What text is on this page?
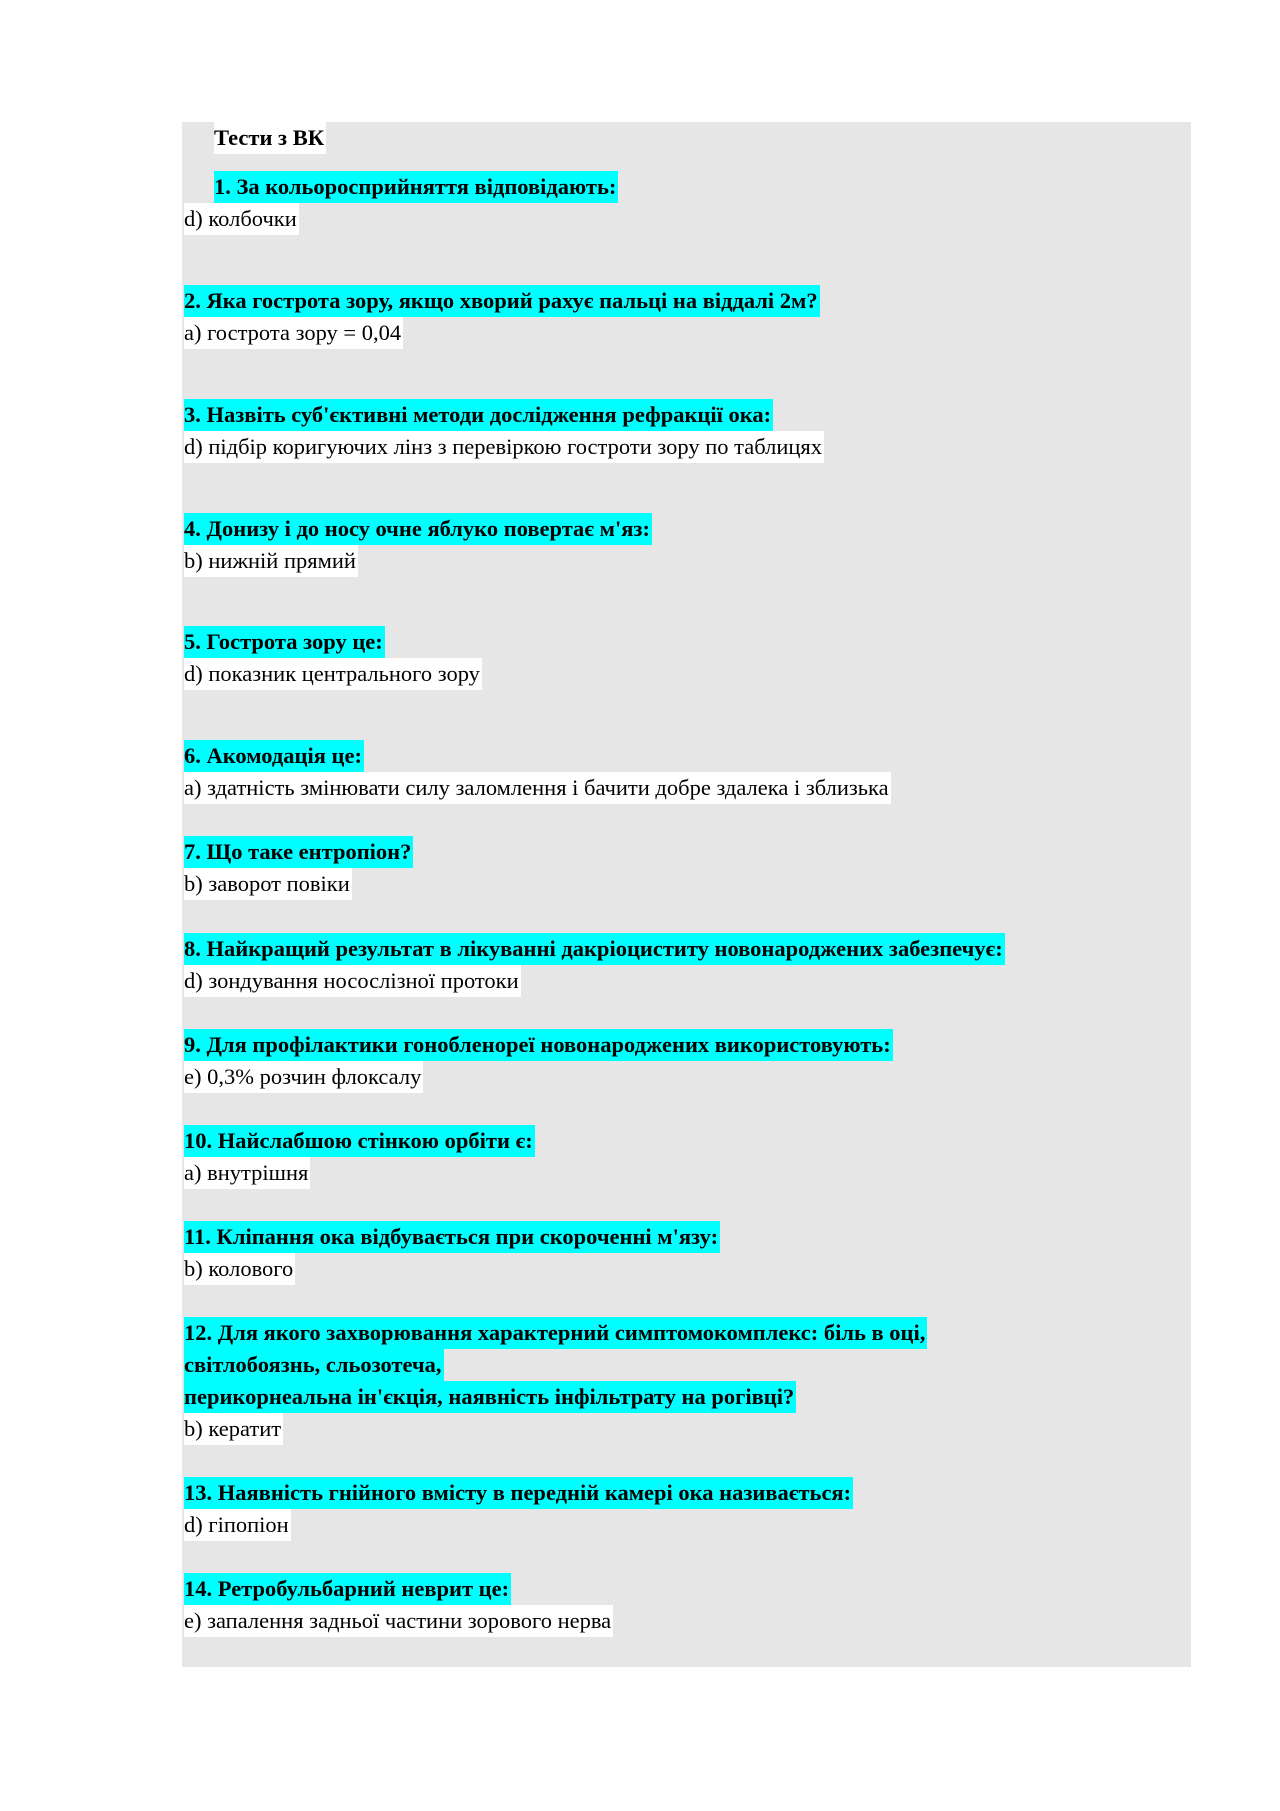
Тести з ВК
1. За кольоросприйняття відповідають:
d) колбочки
2. Яка гострота зору, якщо хворий рахує пальці на віддалі 2м?
a) гострота зору = 0,04
3. Назвіть суб'єктивні методи дослідження рефракції ока:
d) підбір коригуючих лінз з перевіркою гостроти зору по таблицях
4. Донизу і до носу очне яблуко повертає м'яз:
b) нижній прямий
5. Гострота зору це:
d) показник центрального зору
6. Акомодація це:
a) здатність змінювати силу заломлення і бачити добре здалека і зблизька
7. Що таке ентропіон?
b) заворот повіки
8. Найкращий результат в лікуванні дакріоциститу новонароджених забезпечує:
d) зондування носослізної протоки
9. Для профілактики гонобленореї новонароджених використовують:
e) 0,3% розчин флоксалу
10. Найслабшою стінкою орбіти є:
a) внутрішня
11. Кліпання ока відбувається при скороченні м'язу:
b) колового
12. Для якого захворювання характерний симптомокомплекс: біль в оці,
світлобоязнь, сльозотеча,
перикорнеальна ін'єкція, наявність інфільтрату на рогівці?
b) кератит
13. Наявність гнійного вмісту в передній камері ока називається:
d) гіпопіон
14. Ретробульбарний неврит це:
e) запалення задньої частини зорового нерва
